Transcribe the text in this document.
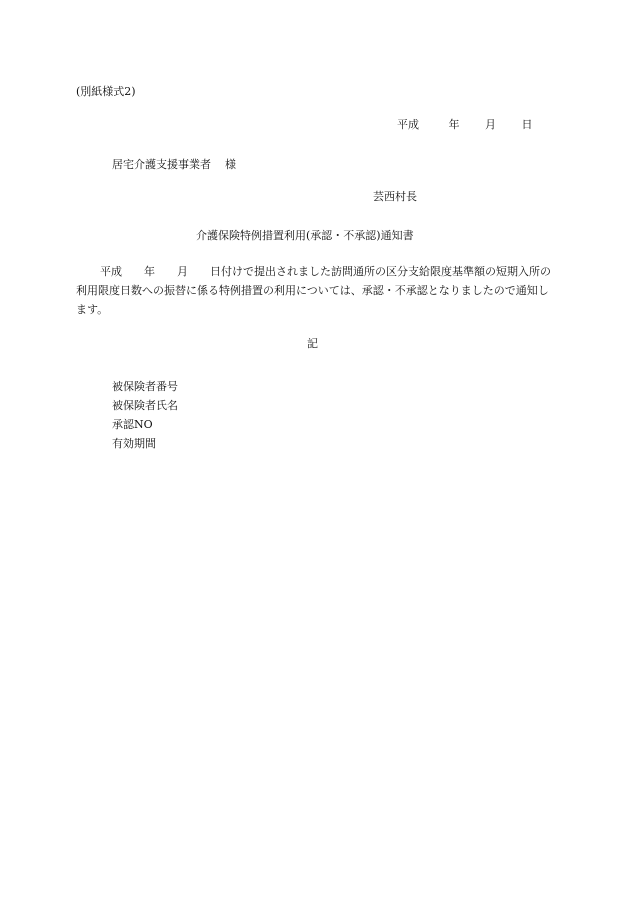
(別紙様式2)
平成	年 月 日
居宅介護支援事業者 様
芸西村長
介護保険特例措置利用(承認・不承認)通知書
平成 年 月 日付けで提出されました訪問通所の区分支給限度基準額の短期入所の利用限度日数への振替に係る特例措置の利用については、承認・不承認となりましたので通知します。
記
被保険者番号
被保険者氏名
承認NO
有効期間
